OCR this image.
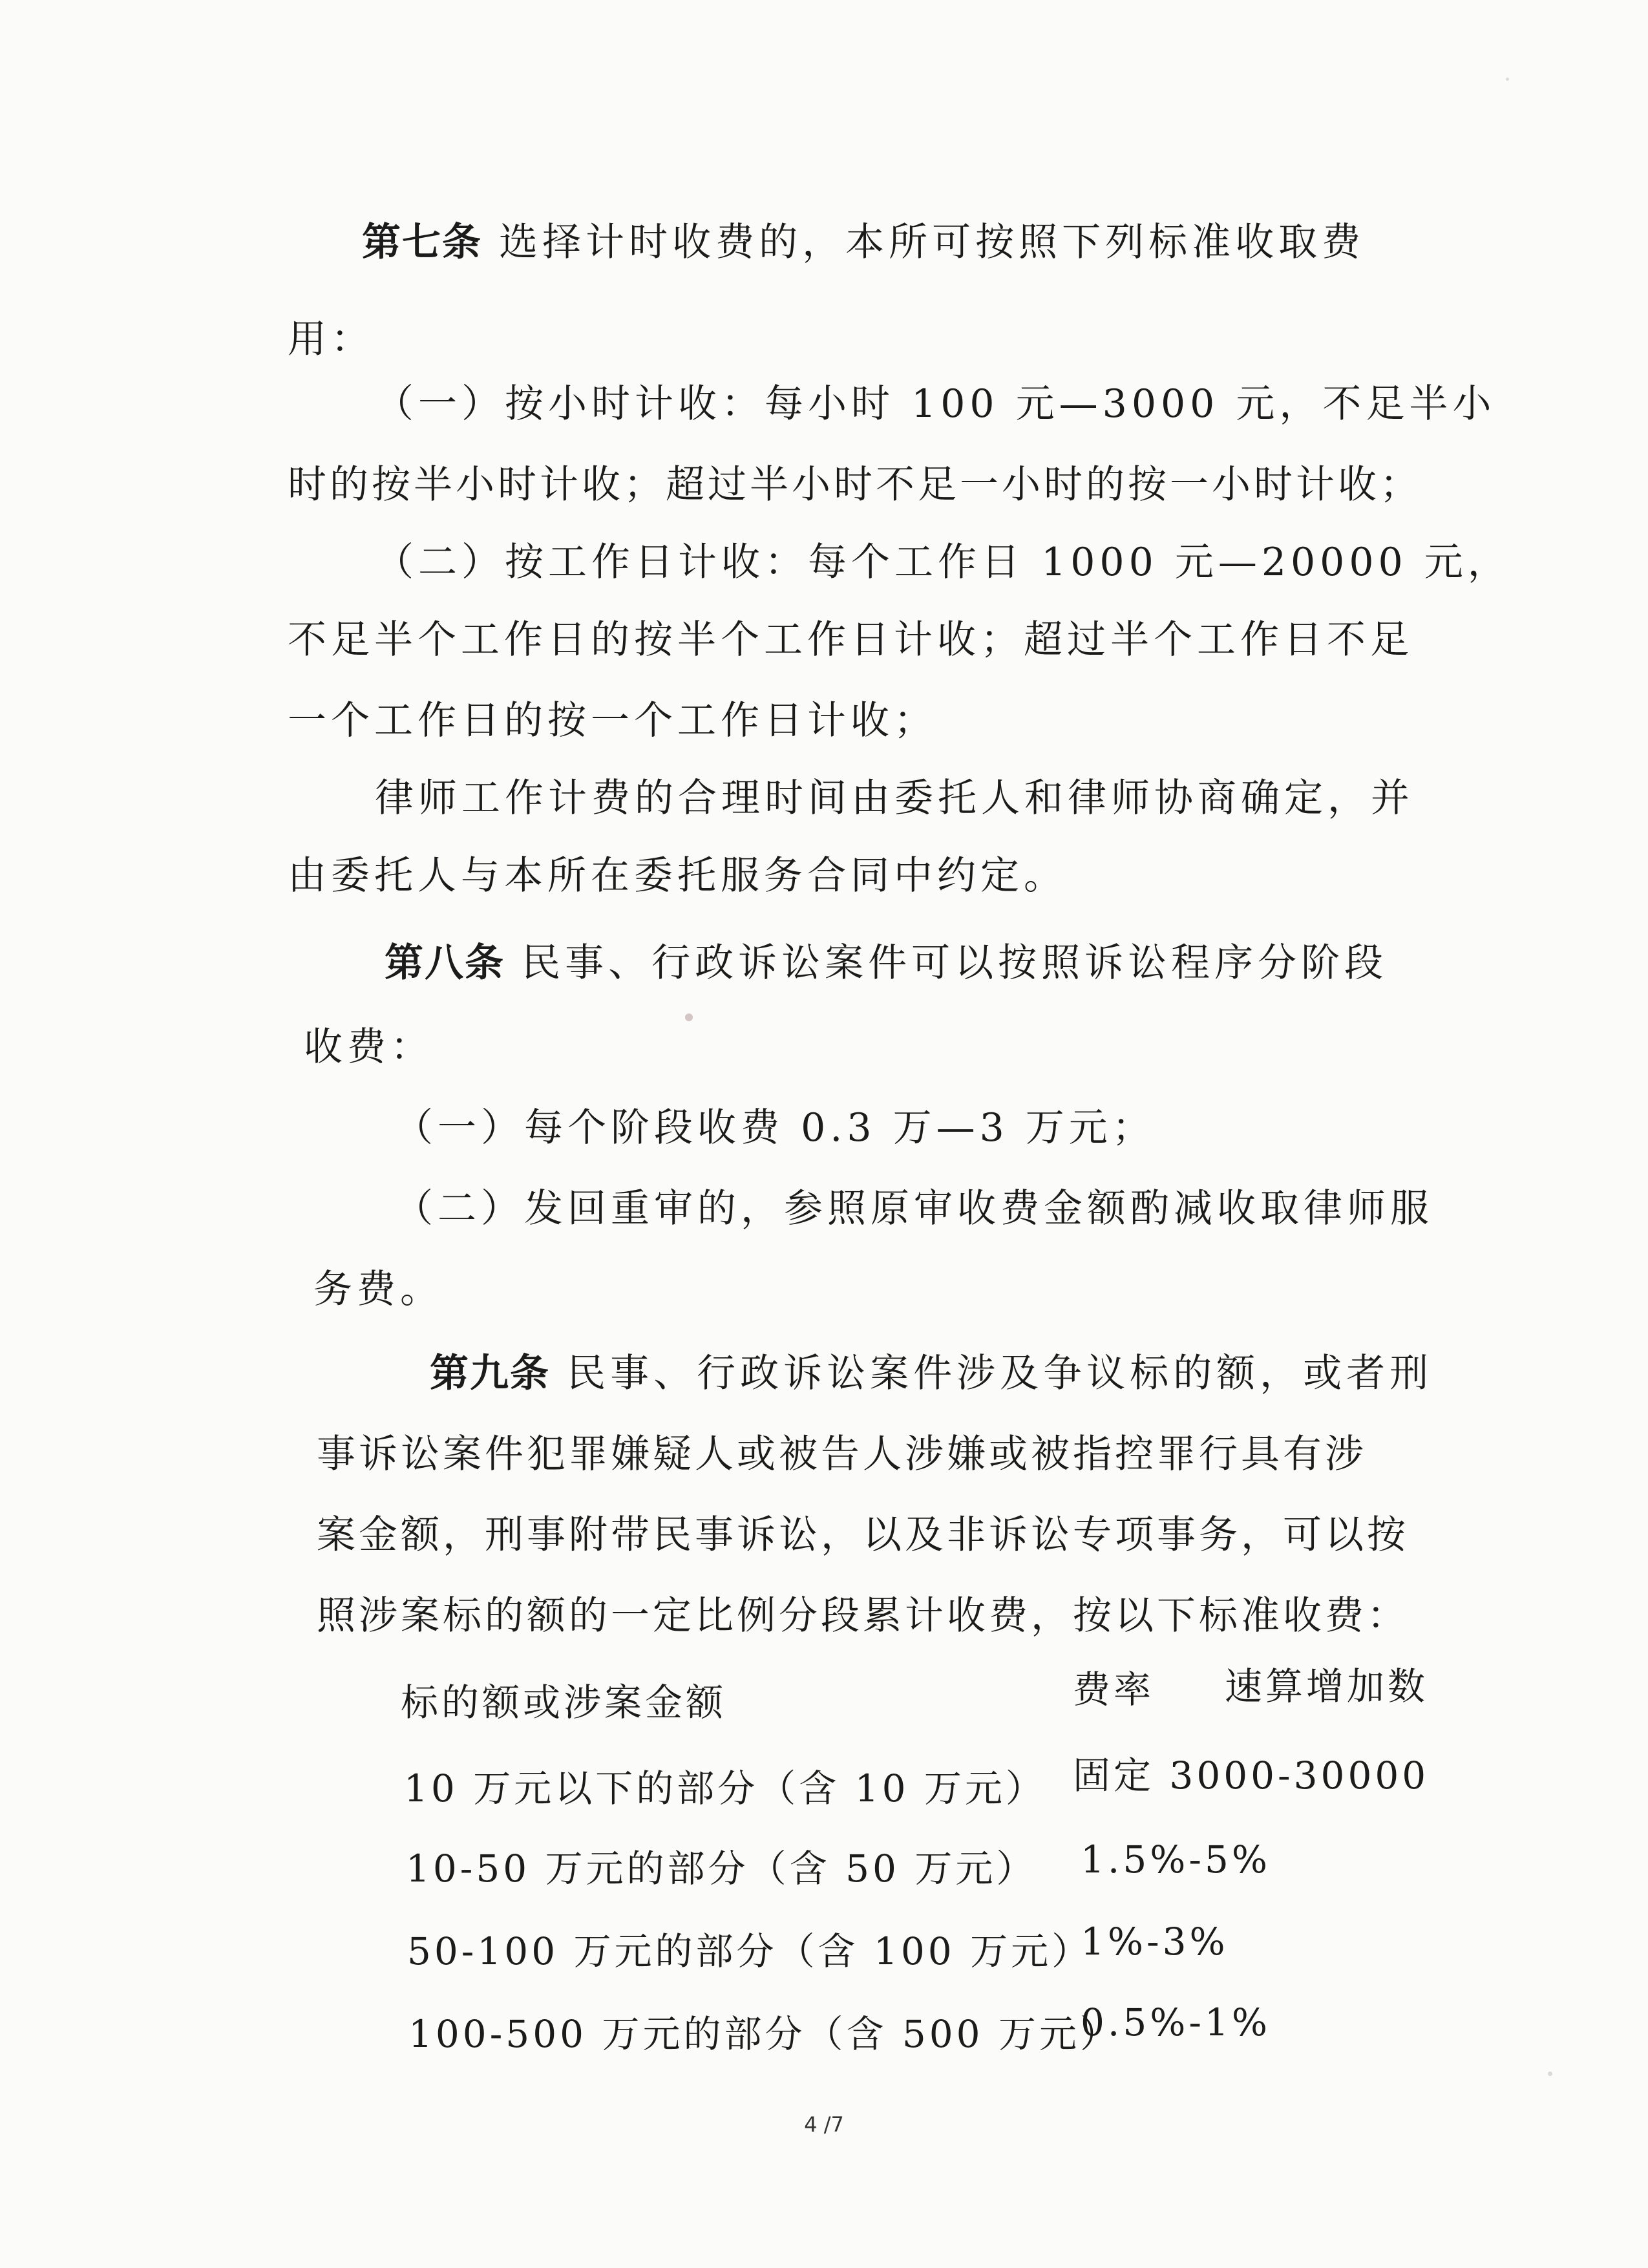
第七条 选择计时收费的，本所可按照下列标准收取费
用：
（一）按小时计收：每小时 100 元—3000 元，不足半小
时的按半小时计收；超过半小时不足一小时的按一小时计收；
（二）按工作日计收：每个工作日 1000 元—20000 元，
不足半个工作日的按半个工作日计收；超过半个工作日不足
一个工作日的按一个工作日计收；
律师工作计费的合理时间由委托人和律师协商确定，并
由委托人与本所在委托服务合同中约定。
第八条 民事、行政诉讼案件可以按照诉讼程序分阶段
收费：
（一）每个阶段收费 0.3 万—3 万元；
（二）发回重审的，参照原审收费金额酌减收取律师服
务费。
第九条 民事、行政诉讼案件涉及争议标的额，或者刑
事诉讼案件犯罪嫌疑人或被告人涉嫌或被指控罪行具有涉
案金额，刑事附带民事诉讼，以及非诉讼专项事务，可以按
照涉案标的额的一定比例分段累计收费，按以下标准收费：
标的额或涉案金额	费率 速算增加数
10 万元以下的部分（含 10 万元） 固定 3000-30000
10-50 万元的部分（含 50 万元） 1.5%-5%
50-100 万元的部分（含 100 万元）
1%-3%
100-500 万元的部分（含 500 万元）
0.5%-1%
4 /7
